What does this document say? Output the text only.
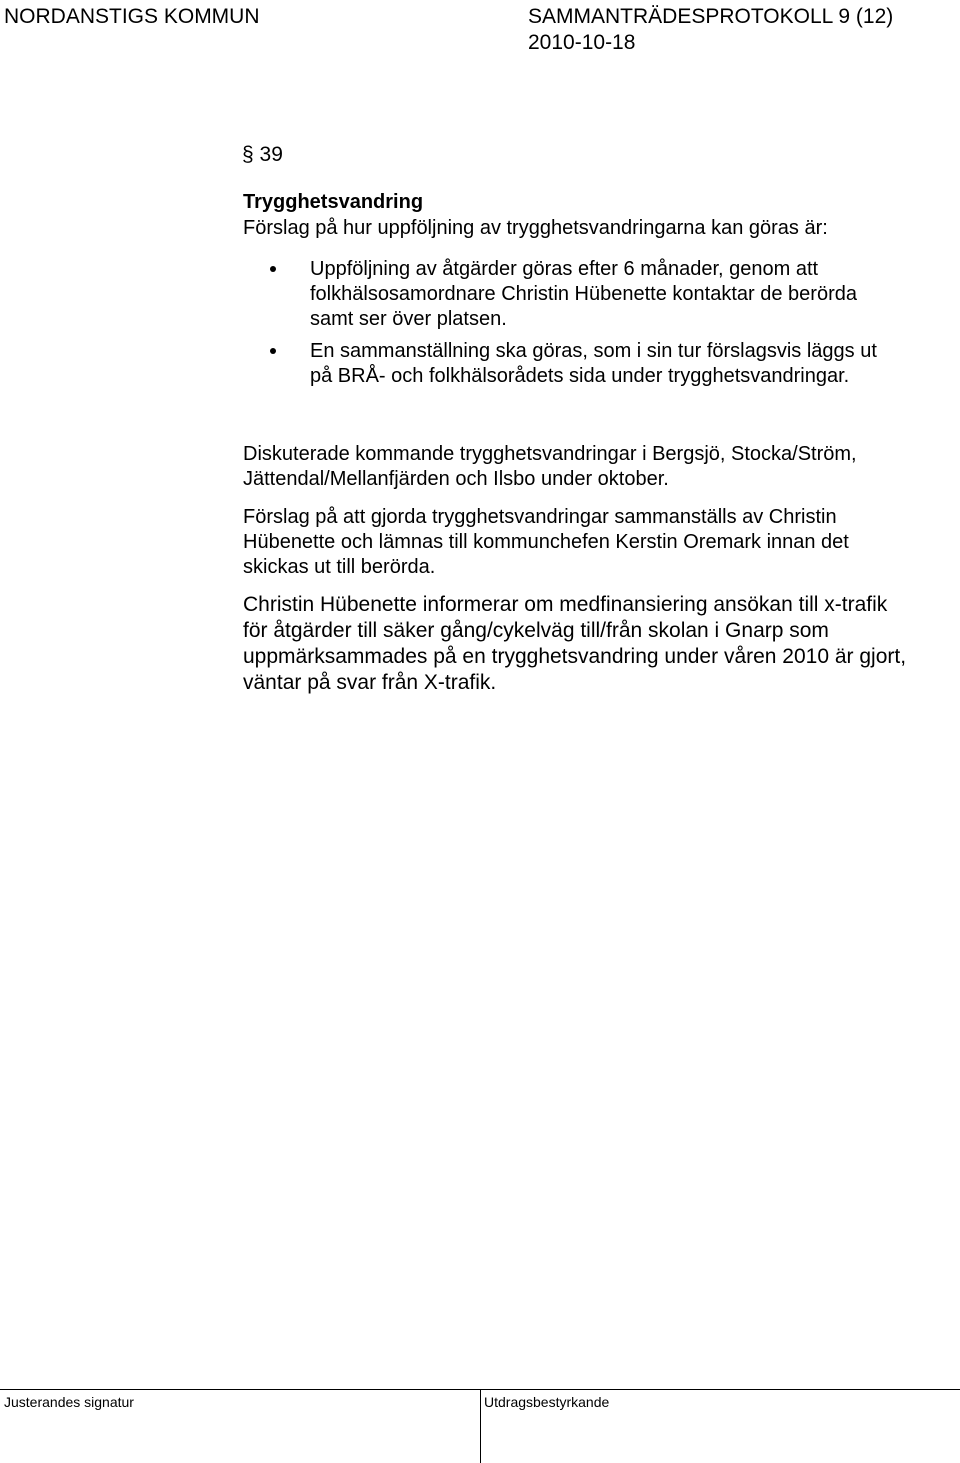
NORDANSTIGS KOMMUN	SAMMANTRÄDESPROTOKOLL 9 (12)
2010-10-18
§ 39
Trygghetsvandring
Förslag på hur uppföljning av trygghetsvandringarna kan göras är:
Uppföljning av åtgärder göras efter 6 månader, genom att
folkhälsosamordnare Christin Hübenette kontaktar de berörda
samt ser över platsen.
En sammanställning ska göras, som i sin tur förslagsvis läggs ut
på BRÅ- och folkhälsorådets sida under trygghetsvandringar.
Diskuterade kommande trygghetsvandringar i Bergsjö, Stocka/Ström,
Jättendal/Mellanfjärden och Ilsbo under oktober.
Förslag på att gjorda trygghetsvandringar sammanställs av Christin
Hübenette och lämnas till kommunchefen Kerstin Oremark innan det
skickas ut till berörda.
Christin Hübenette informerar om medfinansiering ansökan till x-trafik
för åtgärder till säker gång/cykelväg till/från skolan i Gnarp som
uppmärksammades på en trygghetsvandring under våren 2010 är gjort,
väntar på svar från X-trafik.
Justerandes signatur	Utdragsbestyrkande
